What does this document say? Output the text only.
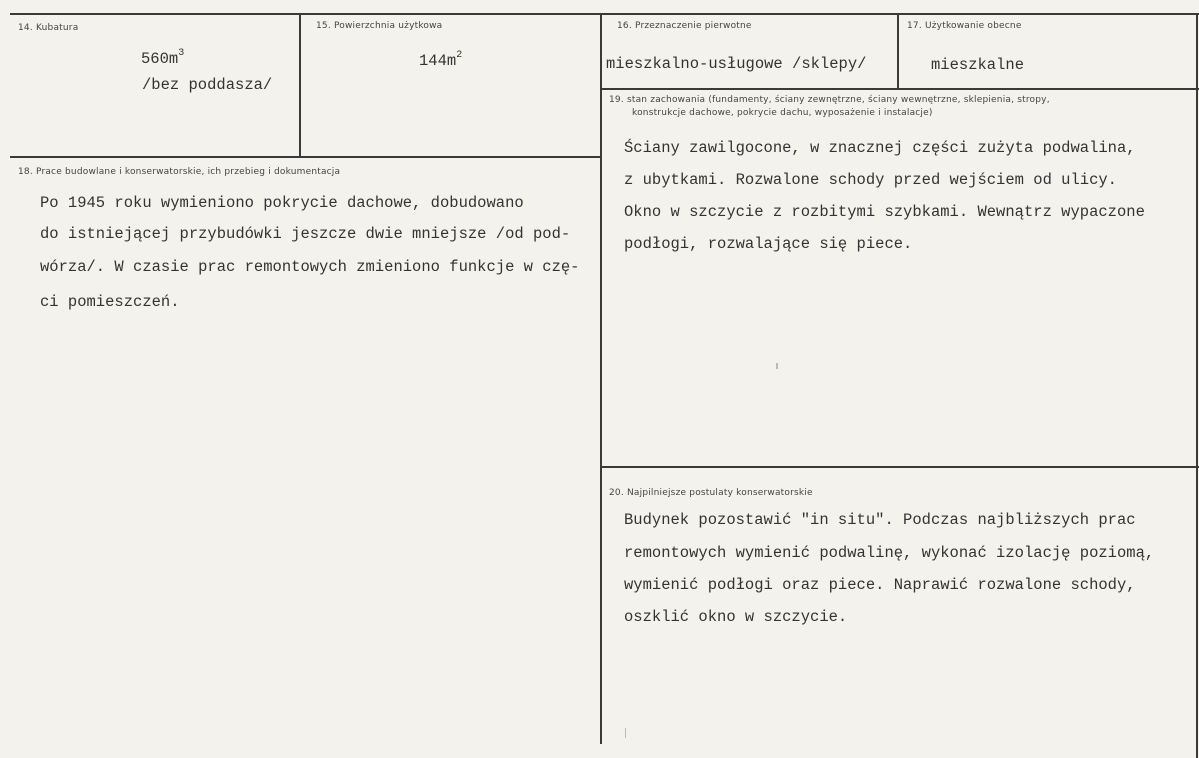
14. Kubatura
$560m^3$
/bez poddasza/
15. Powierzchnia użytkowa
$144m^2$
16. Przeznaczenie pierwotne
mieszkalno-usługowe /sklepy/
17. Użytkowanie obecne
mieszkalne
18. Prace budowlane i konserwatorskie, ich przebieg i dokumentacja
Po 1945 roku wymieniono pokrycie dachowe, dobudowano
do istniejącej przybudówki jeszcze dwie mniejsze /od pod-
wórza/. W czasie prac remontowych zmieniono funkcje w czę-
ci pomieszczeń.
19. stan zachowania (fundamenty, ściany zewnętrzne, ściany wewnętrzne, sklepienia, stropy,
konstrukcje dachowe, pokrycie dachu, wyposażenie i instalacje)
Ściany zawilgocone, w znacznej części zużyta podwalina,
z ubytkami. Rozwalone schody przed wejściem od ulicy.
Okno w szczycie z rozbitymi szybkami. Wewnątrz wypaczone
podłogi, rozwalające się piece.
20. Najpilniejsze postulaty konserwatorskie
Budynek pozostawić "in situ". Podczas najbliższych prac
remontowych wymienić podwalinę, wykonać izolację poziomą,
wymienić podłogi oraz piece. Naprawić rozwalone schody,
oszklić okno w szczycie.
